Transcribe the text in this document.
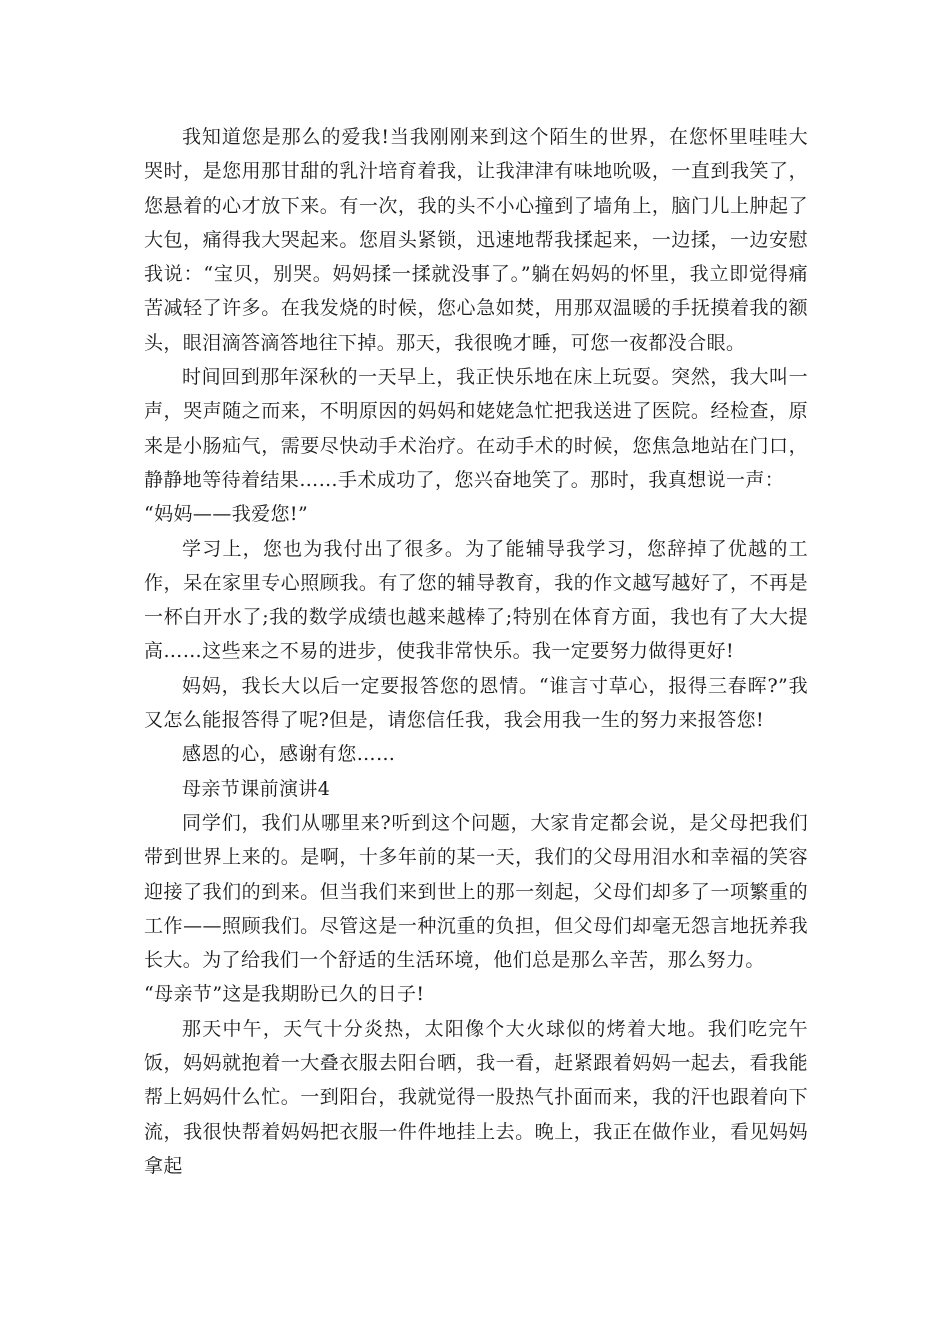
我知道您是那么的爱我!当我刚刚来到这个陌生的世界，在您怀里哇哇大哭时，是您用那甘甜的乳汁培育着我，让我津津有味地吮吸，一直到我笑了，您悬着的心才放下来。有一次，我的头不小心撞到了墙角上，脑门儿上肿起了大包，痛得我大哭起来。您眉头紧锁，迅速地帮我揉起来，一边揉，一边安慰我说：“宝贝，别哭。妈妈揉一揉就没事了。”躺在妈妈的怀里，我立即觉得痛苦减轻了许多。在我发烧的时候，您心急如焚，用那双温暖的手抚摸着我的额头，眼泪滴答滴答地往下掉。那天，我很晚才睡，可您一夜都没合眼。

时间回到那年深秋的一天早上，我正快乐地在床上玩耍。突然，我大叫一声，哭声随之而来，不明原因的妈妈和姥姥急忙把我送进了医院。经检查，原来是小肠疝气，需要尽快动手术治疗。在动手术的时候，您焦急地站在门口，静静地等待着结果……手术成功了，您兴奋地笑了。那时，我真想说一声：

“妈妈——我爱您!”

学习上，您也为我付出了很多。为了能辅导我学习，您辞掉了优越的工作，呆在家里专心照顾我。有了您的辅导教育，我的作文越写越好了，不再是一杯白开水了;我的数学成绩也越来越棒了;特别在体育方面，我也有了大大提高……这些来之不易的进步，使我非常快乐。我一定要努力做得更好!

妈妈，我长大以后一定要报答您的恩情。“谁言寸草心，报得三春晖?”我又怎么能报答得了呢?但是，请您信任我，我会用我一生的努力来报答您!

感恩的心，感谢有您……

母亲节课前演讲4

同学们，我们从哪里来?听到这个问题，大家肯定都会说，是父母把我们带到世界上来的。是啊，十多年前的某一天，我们的父母用泪水和幸福的笑容迎接了我们的到来。但当我们来到世上的那一刻起，父母们却多了一项繁重的工作——照顾我们。尽管这是一种沉重的负担，但父母们却毫无怨言地抚养我长大。为了给我们一个舒适的生活环境，他们总是那么辛苦，那么努力。

“母亲节”这是我期盼已久的日子!

那天中午，天气十分炎热，太阳像个大火球似的烤着大地。我们吃完午饭，妈妈就抱着一大叠衣服去阳台晒，我一看，赶紧跟着妈妈一起去，看我能帮上妈妈什么忙。一到阳台，我就觉得一股热气扑面而来，我的汗也跟着向下流，我很快帮着妈妈把衣服一件件地挂上去。晚上，我正在做作业，看见妈妈拿起
